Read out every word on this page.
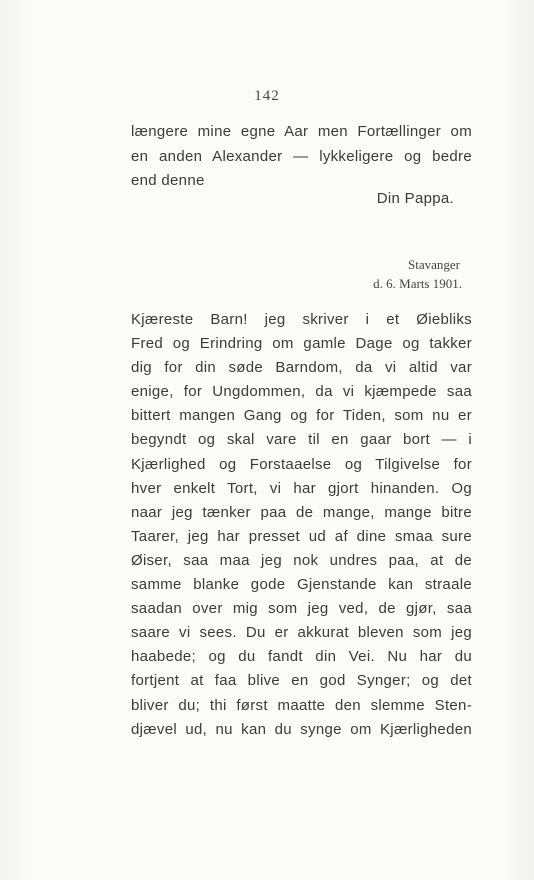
142
længere mine egne Aar men Fortællinger om
en anden Alexander — lykkeligere og bedre
end denne
Din Pappa.
Stavanger
d. 6. Marts 1901.
Kjæreste Barn! jeg skriver i et Øiebliks
Fred og Erindring om gamle Dage og takker
dig for din søde Barndom, da vi altid var
enige, for Ungdommen, da vi kjæmpede saa
bittert mangen Gang og for Tiden, som nu er
begyndt og skal vare til en gaar bort — i
Kjærlighed og Forstaaelse og Tilgivelse for
hver enkelt Tort, vi har gjort hinanden. Og
naar jeg tænker paa de mange, mange bitre
Taarer, jeg har presset ud af dine smaa sure
Øiser, saa maa jeg nok undres paa, at de
samme blanke gode Gjenstande kan straale
saadan over mig som jeg ved, de gjør, saa
saare vi sees. Du er akkurat bleven som jeg
haabede; og du fandt din Vei. Nu har du
fortjent at faa blive en god Synger; og det
bliver du; thi først maatte den slemme Sten-
djævel ud, nu kan du synge om Kjærligheden
